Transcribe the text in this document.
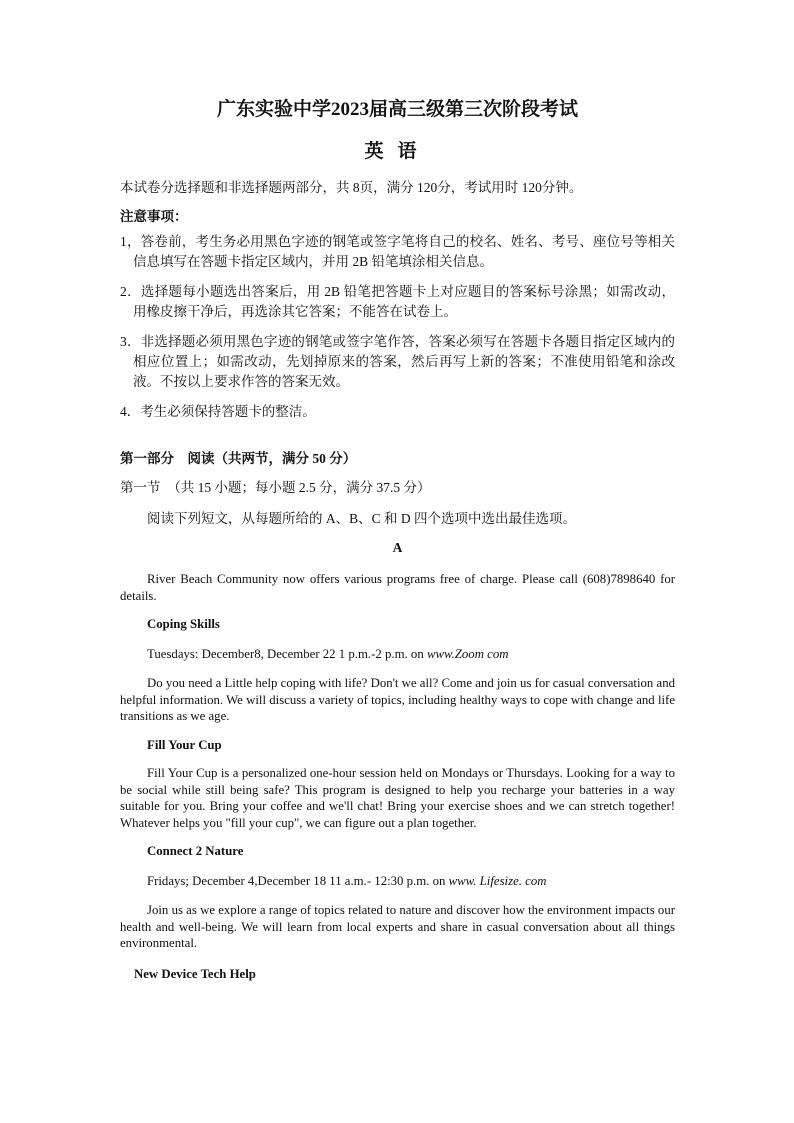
广东实验中学2023届高三级第三次阶段考试
英语
本试卷分选择题和非选择题两部分，共 8页，满分 120分，考试用时 120分钟。
注意事项：
1，答卷前，考生务必用黑色字迹的钢笔或签字笔将自己的校名、姓名、考号、座位号等相关信息填写在答题卡指定区域内，并用 2B 铅笔填涂相关信息。
2．选择题每小题选出答案后，用 2B 铅笔把答题卡上对应题目的答案标号涂黑；如需改动，用橡皮擦干净后，再选涂其它答案；不能答在试卷上。
3．非选择题必须用黑色字迹的钢笔或签字笔作答，答案必须写在答题卡各题目指定区域内的相应位置上；如需改动，先划掉原来的答案，然后再写上新的答案；不准使用铅笔和涂改液。不按以上要求作答的答案无效。
4．考生必须保持答题卡的整洁。
第一部分　阅读（共两节，满分 50 分）
第一节　（共 15 小题；每小题 2.5 分，满分 37.5 分）
阅读下列短文，从每题所给的 A、B、C 和 D 四个选项中选出最佳选项。
A
River Beach Community now offers various programs free of charge. Please call (608)7898640 for details.
Coping Skills
Tuesdays: December8, December 22 1 p.m.-2 p.m. on www.Zoom com
Do you need a Little help coping with life? Don't we all? Come and join us for casual conversation and helpful information. We will discuss a variety of topics, including healthy ways to cope with change and life transitions as we age.
Fill Your Cup
Fill Your Cup is a personalized one-hour session held on Mondays or Thursdays. Looking for a way to be social while still being safe? This program is designed to help you recharge your batteries in a way suitable for you. Bring your coffee and we'll chat! Bring your exercise shoes and we can stretch together! Whatever helps you "fill your cup", we can figure out a plan together.
Connect 2 Nature
Fridays; December 4,December 18 11 a.m.- 12:30 p.m. on www. Lifesize. com
Join us as we explore a range of topics related to nature and discover how the environment impacts our health and well-being. We will learn from local experts and share in casual conversation about all things environmental.
New Device Tech Help
